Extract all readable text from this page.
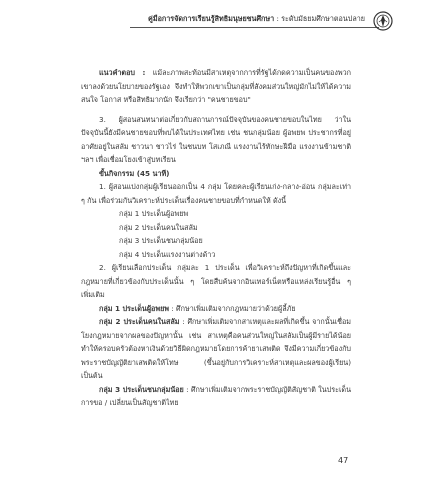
คู่มือการจัดการเรียนรู้สิทธิมนุษยชนศึกษา : ระดับมัธยมศึกษาตอนปลาย

แนวคำตอบ : แม้ละภาพสะท้อนมีสาเหตุจากการที่รัฐได้กดความเป็นคนของพวกเขาลงด้วยนโยบายของรัฐเอง จึงทำให้พวกเขาเป็นกลุ่มที่สังคมส่วนใหญ่มักไม่ให้ได้ความสนใจ โอกาส หรือสิทธิมากนัก จึงเรียกว่า "คนชายขอบ"

3. ผู้สอนสนทนาต่อเกี่ยวกับสถานการณ์ปัจจุบันของคนชายขอบในไทย ว่าในปัจจุบันนี้ยังมีคนชายขอบที่พบได้ในประเทศไทย เช่น ชนกลุ่มน้อย ผู้อพยพ ประชากรที่อยู่อาศัยอยู่ในสลัม ชาวนา ชาวไร่ ในชนบท โสเภณี แรงงานไร้ทักษะฝีมือ แรงงานข้ามชาติ ฯลฯ เพื่อเชื่อมโยงเข้าสู่บทเรียน

ขั้นกิจกรรม (45 นาที)

1. ผู้สอนแบ่งกลุ่มผู้เรียนออกเป็น 4 กลุ่ม โดยคละผู้เรียนเก่ง-กลาง-อ่อน กลุ่มละเท่า ๆ กัน เพื่อร่วมกันวิเคราะห์ประเด็นเรื่องคนชายขอบที่กำหนดให้ ดังนี้

กลุ่ม 1 ประเด็นผู้อพยพ

กลุ่ม 2 ประเด็นคนในสลัม

กลุ่ม 3 ประเด็นชนกลุ่มน้อย

กลุ่ม 4 ประเด็นแรงงานต่างด้าว

2. ผู้เรียนเลือกประเด็น กลุ่มละ 1 ประเด็น เพื่อวิเคราะห์ถึงปัญหาที่เกิดขึ้นและกฎหมายที่เกี่ยวข้องกับประเด็นนั้น ๆ โดยสืบค้นจากอินเทอร์เน็ตหรือแหล่งเรียนรู้อื่น ๆ เพิ่มเติม

กลุ่ม 1 ประเด็นผู้อพยพ : ศึกษาเพิ่มเติมจากกฎหมายว่าด้วยผู้ลี้ภัย

กลุ่ม 2 ประเด็นคนในสลัม : ศึกษาเพิ่มเติมจากสาเหตุและผลที่เกิดขึ้น จากนั้นเชื่อมโยงกฎหมายจากผลของปัญหานั้น เช่น สาเหตุคือคนส่วนใหญ่ในสลัมเป็นผู้มีรายได้น้อย ทำให้ครอบครัวต้องหาเงินด้วยวิธีผิดกฎหมายโดยการค้ายาเสพติด จึงมีความเกี่ยวข้องกับพระราชบัญญัติยาเสพติดให้โทษ (ขึ้นอยู่กับการวิเคราะห์สาเหตุและผลของผู้เรียน) เป็นต้น

กลุ่ม 3 ประเด็นชนกลุ่มน้อย : ศึกษาเพิ่มเติมจากพระราชบัญญัติสัญชาติ ในประเด็นการขอ / เปลี่ยนเป็นสัญชาติไทย

47
